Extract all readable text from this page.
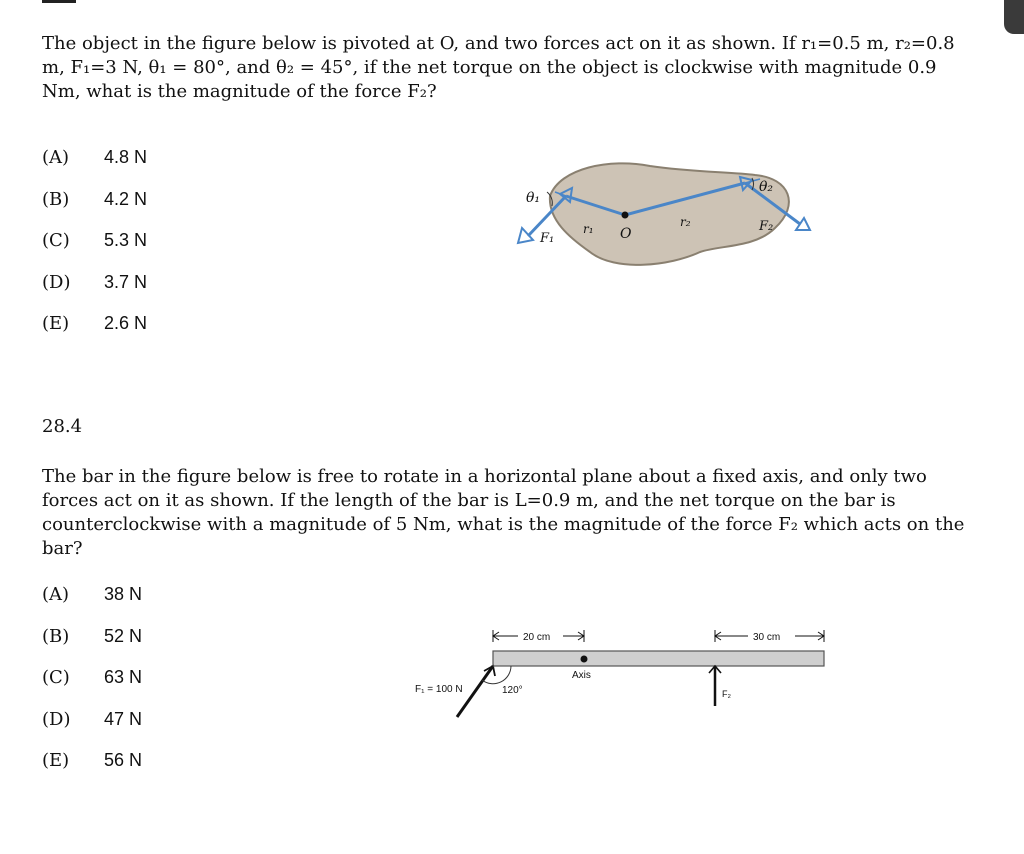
The object in the figure below is pivoted at O, and two forces act on it as shown. If r₁=0.5 m, r₂=0.8 m, F₁=3 N, θ₁ = 80°, and θ₂ = 45°, if the net torque on the object is clockwise with magnitude 0.9 Nm, what is the magnitude of the force F₂?
(A)	4.8 N
(B)	4.2 N
(C)	5.3 N
(D)	3.7 N
(E)	2.6 N
θ₁
θ₂
r₁	r₂
F₁
F₂
O
28.4
The bar in the figure below is free to rotate in a horizontal plane about a fixed axis, and only two forces act on it as shown. If the length of the bar is L=0.9 m, and the net torque on the bar is counterclockwise with a magnitude of 5 Nm, what is the magnitude of the force F₂ which acts on the bar?
(A)	38 N
(B)	52 N
(C)	63 N
(D)	47 N
(E)	56 N
20 cm	30 cm
Axis
F₁ = 100 N	120°	F₂
